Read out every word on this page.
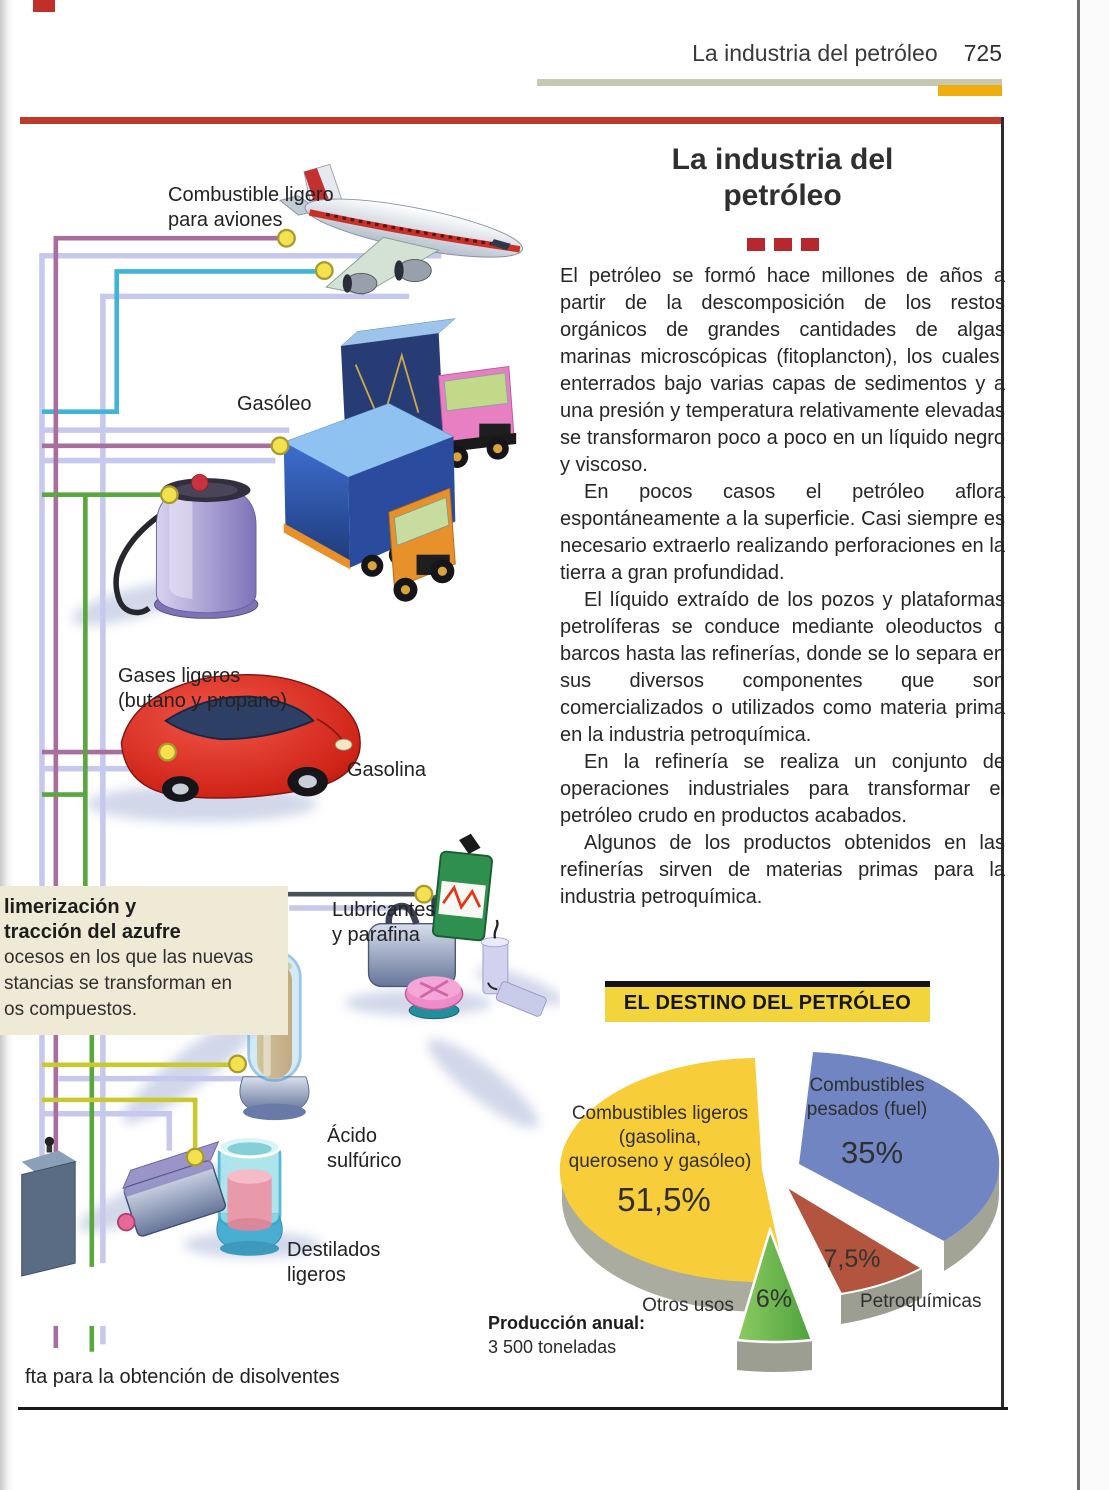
La industria del petróleo 725
Combustible ligero
para aviones
Gasóleo
Gases ligeros
(butano y propano)
Gasolina
Lubricantes
y parafina
Ácido
sulfúrico
Destilados
ligeros
limerización y
tracción del azufre
ocesos en los que las nuevas
stancias se transforman en
os compuestos.
fta para la obtención de disolventes
La industria del
petróleo

El petróleo se formó hace millones de años a partir de la descomposición de los restos orgánicos de grandes cantidades de algas marinas microscópicas (fitoplancton), los cuales, enterrados bajo varias capas de sedimentos y a una presión y temperatura relativamente elevadas se transformaron poco a poco en un líquido negro y viscoso.

En pocos casos el petróleo aflora espontáneamente a la superficie. Casi siempre es necesario extraerlo realizando perforaciones en la tierra a gran profundidad.

El líquido extraído de los pozos y plataformas petrolíferas se conduce mediante oleoductos o barcos hasta las refinerías, donde se lo separa en sus diversos componentes que son comercializados o utilizados como materia prima en la industria petroquímica.

En la refinería se realiza un conjunto de operaciones industriales para transformar el petróleo crudo en productos acabados.

Algunos de los productos obtenidos en las refinerías sirven de materias primas para la industria petroquímica.

EL DESTINO DEL PETRÓLEO
Combustibles ligeros
(gasolina,
queroseno y gasóleo)
51,5%
Combustibles
pesados (fuel)
35%
7,5%
Petroquímicas
6%
Otros usos
Producción anual:
3 500 toneladas
